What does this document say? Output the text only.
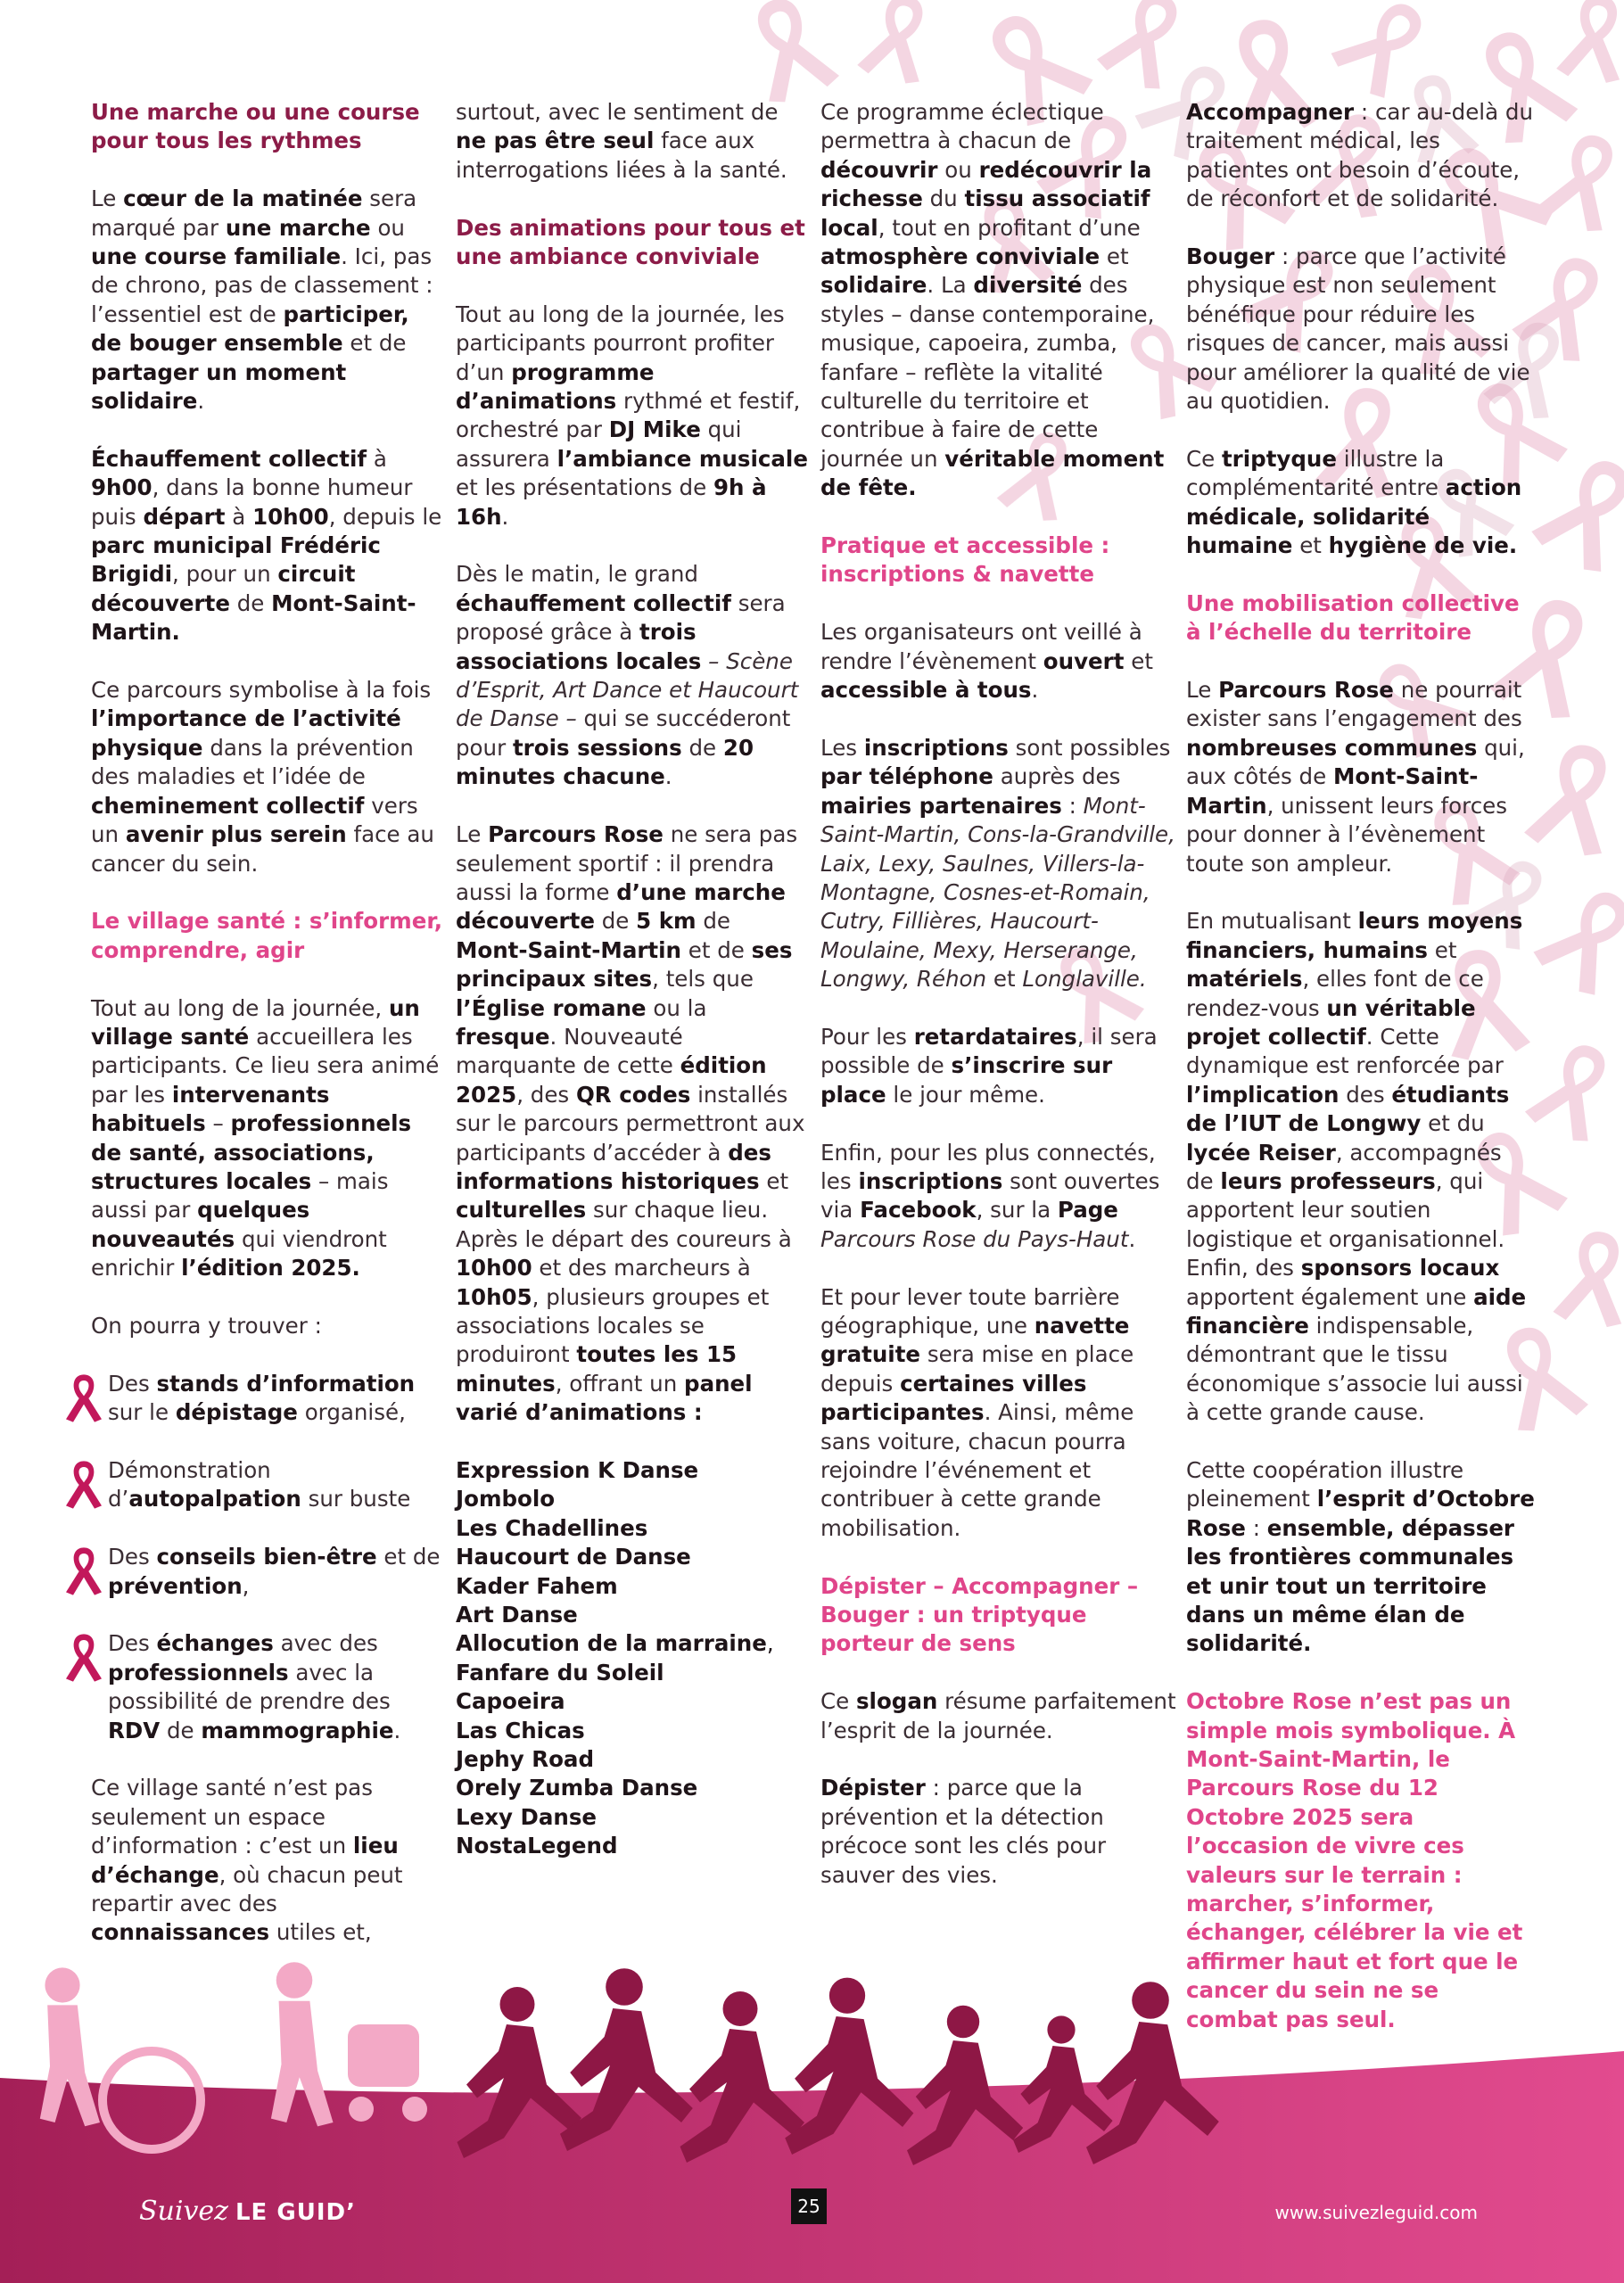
Une marche ou une course pour tous les rythmes

Le cœur de la matinée sera marqué par une marche ou une course familiale. Ici, pas de chrono, pas de classement : l’essentiel est de participer, de bouger ensemble et de partager un moment solidaire.

Échauffement collectif à 9h00, dans la bonne humeur puis départ à 10h00, depuis le parc municipal Frédéric Brigidi, pour un circuit découverte de Mont-Saint-Martin.

Ce parcours symbolise à la fois l’importance de l’activité physique dans la prévention des maladies et l’idée de cheminement collectif vers un avenir plus serein face au cancer du sein.

Le village santé : s’informer, comprendre, agir

Tout au long de la journée, un village santé accueillera les participants. Ce lieu sera animé par les intervenants habituels – professionnels de santé, associations, structures locales – mais aussi par quelques nouveautés qui viendront enrichir l’édition 2025.

On pourra y trouver :

Des stands d’information sur le dépistage organisé,
Démonstration d’autopalpation sur buste
Des conseils bien-être et de prévention,
Des échanges avec des professionnels avec la possibilité de prendre des RDV de mammographie.

Ce village santé n’est pas seulement un espace d’information : c’est un lieu d’échange, où chacun peut repartir avec des connaissances utiles et,

surtout, avec le sentiment de ne pas être seul face aux interrogations liées à la santé.

Des animations pour tous et une ambiance conviviale

Tout au long de la journée, les participants pourront profiter d’un programme d’animations rythmé et festif, orchestré par DJ Mike qui assurera l’ambiance musicale et les présentations de 9h à 16h.

Dès le matin, le grand échauffement collectif sera proposé grâce à trois associations locales – Scène d’Esprit, Art Dance et Haucourt de Danse – qui se succéderont pour trois sessions de 20 minutes chacune.

Le Parcours Rose ne sera pas seulement sportif : il prendra aussi la forme d’une marche découverte de 5 km de Mont-Saint-Martin et de ses principaux sites, tels que l’Église romane ou la fresque. Nouveauté marquante de cette édition 2025, des QR codes installés sur le parcours permettront aux participants d’accéder à des informations historiques et culturelles sur chaque lieu. Après le départ des coureurs à 10h00 et des marcheurs à 10h05, plusieurs groupes et associations locales se produiront toutes les 15 minutes, offrant un panel varié d’animations :

Expression K Danse
Jombolo
Les Chadellines
Haucourt de Danse
Kader Fahem
Art Danse
Allocution de la marraine,
Fanfare du Soleil
Capoeira
Las Chicas
Jephy Road
Orely Zumba Danse
Lexy Danse
NostaLegend

Ce programme éclectique permettra à chacun de découvrir ou redécouvrir la richesse du tissu associatif local, tout en profitant d’une atmosphère conviviale et solidaire. La diversité des styles – danse contemporaine, musique, capoeira, zumba, fanfare – reflète la vitalité culturelle du territoire et contribue à faire de cette journée un véritable moment de fête.

Pratique et accessible : inscriptions & navette

Les organisateurs ont veillé à rendre l’évènement ouvert et accessible à tous.

Les inscriptions sont possibles par téléphone auprès des mairies partenaires : Mont-Saint-Martin, Cons-la-Grandville, Laix, Lexy, Saulnes, Villers-la-Montagne, Cosnes-et-Romain, Cutry, Fillières, Haucourt-Moulaine, Mexy, Herserange, Longwy, Réhon et Longlaville.

Pour les retardataires, il sera possible de s’inscrire sur place le jour même.

Enfin, pour les plus connectés, les inscriptions sont ouvertes via Facebook, sur la Page Parcours Rose du Pays-Haut.

Et pour lever toute barrière géographique, une navette gratuite sera mise en place depuis certaines villes participantes. Ainsi, même sans voiture, chacun pourra rejoindre l’événement et contribuer à cette grande mobilisation.

Dépister – Accompagner – Bouger : un triptyque porteur de sens

Ce slogan résume parfaitement l’esprit de la journée.

Dépister : parce que la prévention et la détection précoce sont les clés pour sauver des vies.

Accompagner : car au-delà du traitement médical, les patientes ont besoin d’écoute, de réconfort et de solidarité.

Bouger : parce que l’activité physique est non seulement bénéfique pour réduire les risques de cancer, mais aussi pour améliorer la qualité de vie au quotidien.

Ce triptyque illustre la complémentarité entre action médicale, solidarité humaine et hygiène de vie.

Une mobilisation collective à l’échelle du territoire

Le Parcours Rose ne pourrait exister sans l’engagement des nombreuses communes qui, aux côtés de Mont-Saint-Martin, unissent leurs forces pour donner à l’évènement toute son ampleur.

En mutualisant leurs moyens financiers, humains et matériels, elles font de ce rendez-vous un véritable projet collectif. Cette dynamique est renforcée par l’implication des étudiants de l’IUT de Longwy et du lycée Reiser, accompagnés de leurs professeurs, qui apportent leur soutien logistique et organisationnel. Enfin, des sponsors locaux apportent également une aide financière indispensable, démontrant que le tissu économique s’associe lui aussi à cette grande cause.

Cette coopération illustre pleinement l’esprit d’Octobre Rose : ensemble, dépasser les frontières communales et unir tout un territoire dans un même élan de solidarité.

Octobre Rose n’est pas un simple mois symbolique. À Mont-Saint-Martin, le Parcours Rose du 12 Octobre 2025 sera l’occasion de vivre ces valeurs sur le terrain : marcher, s’informer, échanger, célébrer la vie et affirmer haut et fort que le cancer du sein ne se combat pas seul.

Suivez LE GUID’	25	www.suivezleguid.com
